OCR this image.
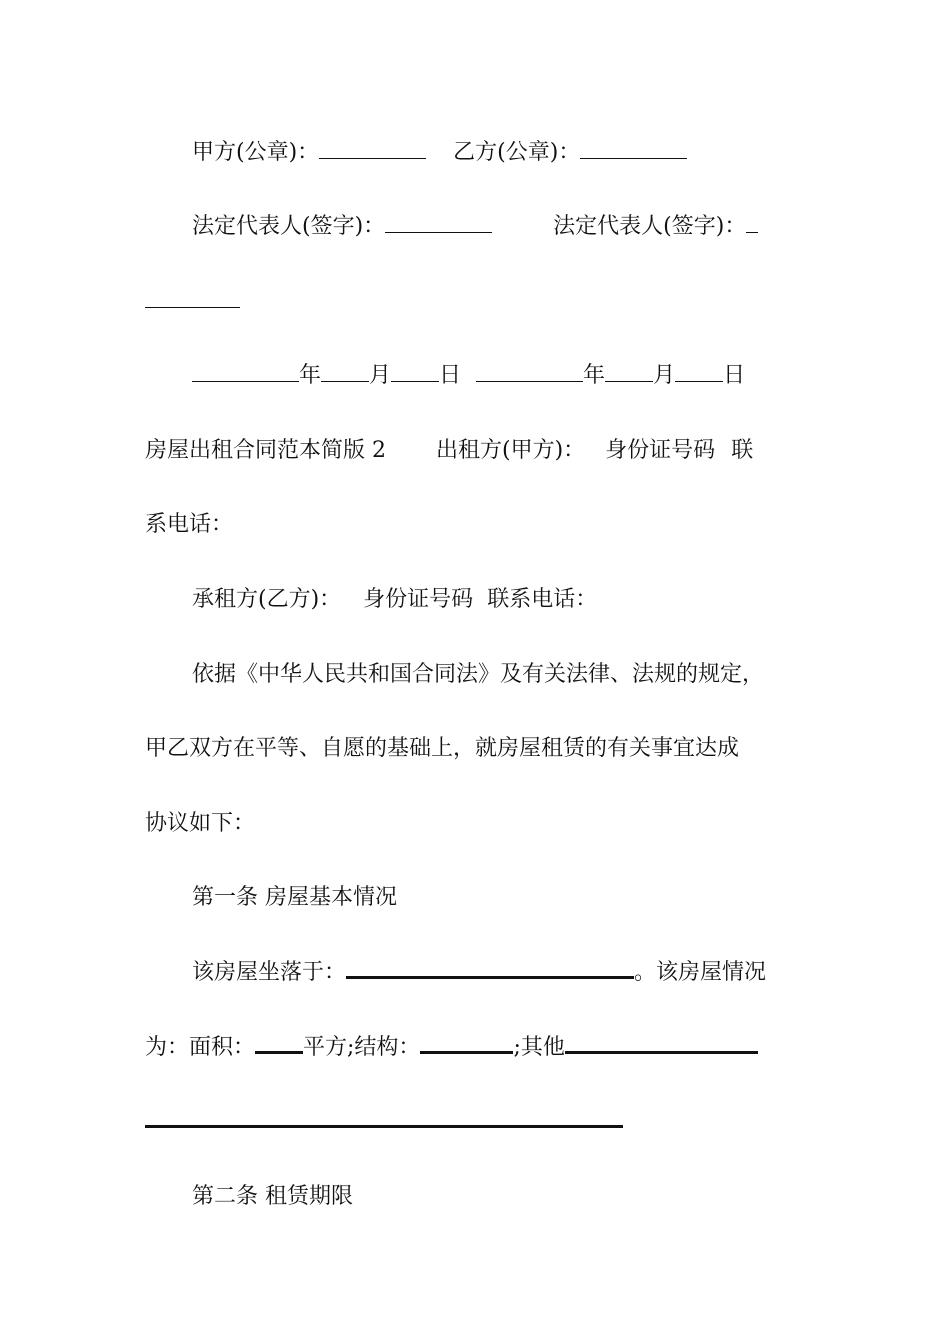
甲方(公章)：	乙方(公章)：
法定代表人(签字)：	法定代表人(签字)：
年 月 日	年 月 日
房屋出租合同范本简版 2 出租方(甲方)： 身份证号码 联
系电话：
承租方(乙方)： 身份证号码 联系电话：
依据《中华人民共和国合同法》及有关法律、法规的规定，
甲乙双方在平等、自愿的基础上，就房屋租赁的有关事宜达成
协议如下：
第一条 房屋基本情况
该房屋坐落于：	。该房屋情况
为：面积： 平方;结构：	;其他
第二条 租赁期限
